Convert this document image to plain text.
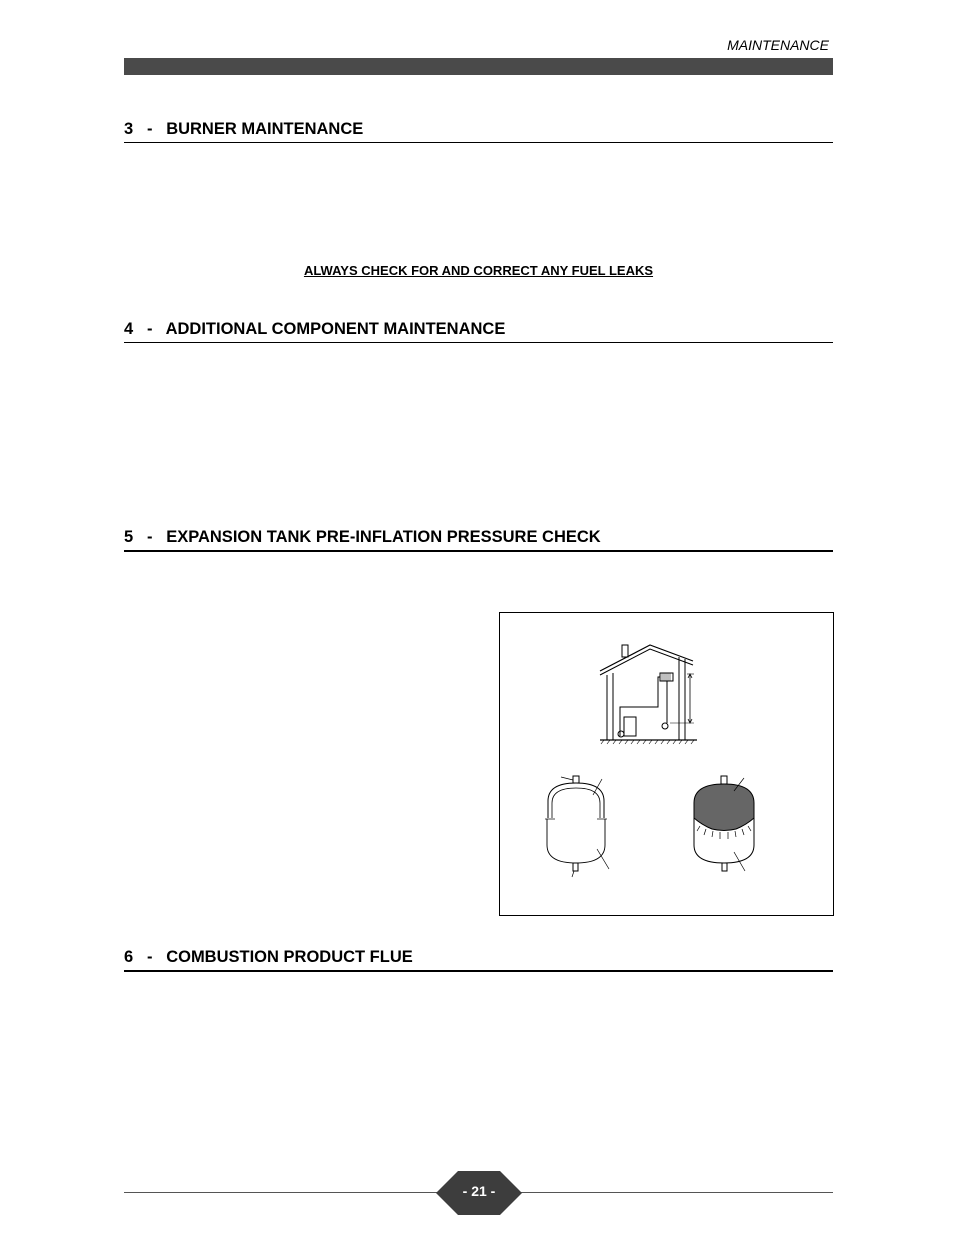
MAINTENANCE
3   -   BURNER MAINTENANCE
ALWAYS CHECK FOR AND CORRECT ANY FUEL LEAKS
4   -   ADDITIONAL COMPONENT MAINTENANCE
5   -   EXPANSION TANK PRE-INFLATION PRESSURE CHECK
6   -   COMBUSTION PRODUCT FLUE
- 21 -
